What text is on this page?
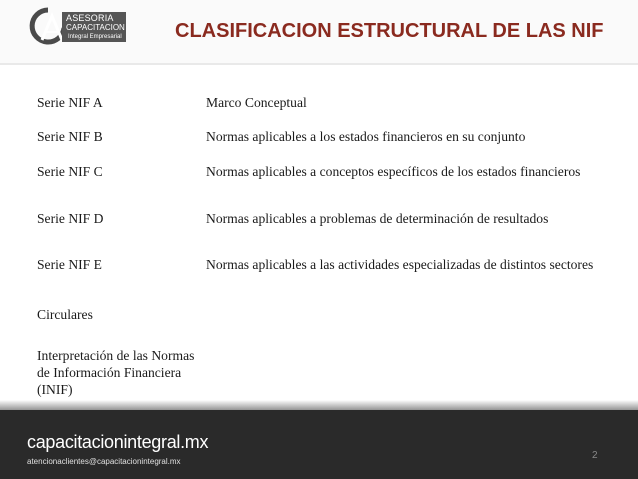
ASESORIA
CAPACITACION
Integral Empresarial	CLASIFICACION ESTRUCTURAL DE LAS NIF
Serie NIF A	Marco Conceptual
Serie NIF B	Normas aplicables a los estados financieros en su conjunto
Serie NIF C	Normas aplicables a conceptos específicos de los estados financieros
Serie NIF D	Normas aplicables a problemas de determinación de resultados
Serie NIF E	Normas aplicables a las actividades especializadas de distintos sectores
Circulares
Interpretación de las Normas de Información Financiera (INIF)
capacitacionintegral.mx
atencionaclientes@capacitacionintegral.mx
2
